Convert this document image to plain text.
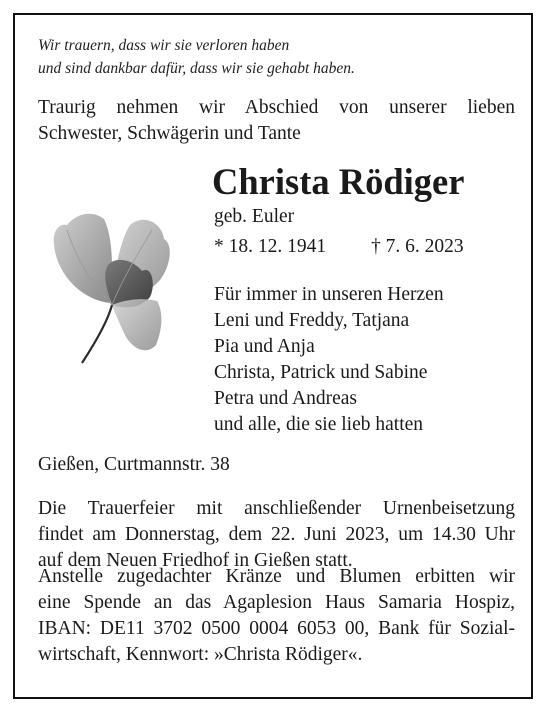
Wir trauern, dass wir sie verloren haben
und sind dankbar dafür, dass wir sie gehabt haben.
Traurig nehmen wir Abschied von unserer lieben
Schwester, Schwägerin und Tante
Christa Rödiger
geb. Euler
* 18. 12. 1941 † 7. 6. 2023
Für immer in unseren Herzen
Leni und Freddy, Tatjana
Pia und Anja
Christa, Patrick und Sabine
Petra und Andreas
und alle, die sie lieb hatten
Gießen, Curtmannstr. 38
Die Trauerfeier mit anschließender Urnenbeisetzung
findet am Donnerstag, dem 22. Juni 2023, um 14.30 Uhr
auf dem Neuen Friedhof in Gießen statt.
Anstelle zugedachter Kränze und Blumen erbitten wir
eine Spende an das Agaplesion Haus Samaria Hospiz,
IBAN: DE11 3702 0500 0004 6053 00, Bank für Sozial-
wirtschaft, Kennwort: »Christa Rödiger«.
